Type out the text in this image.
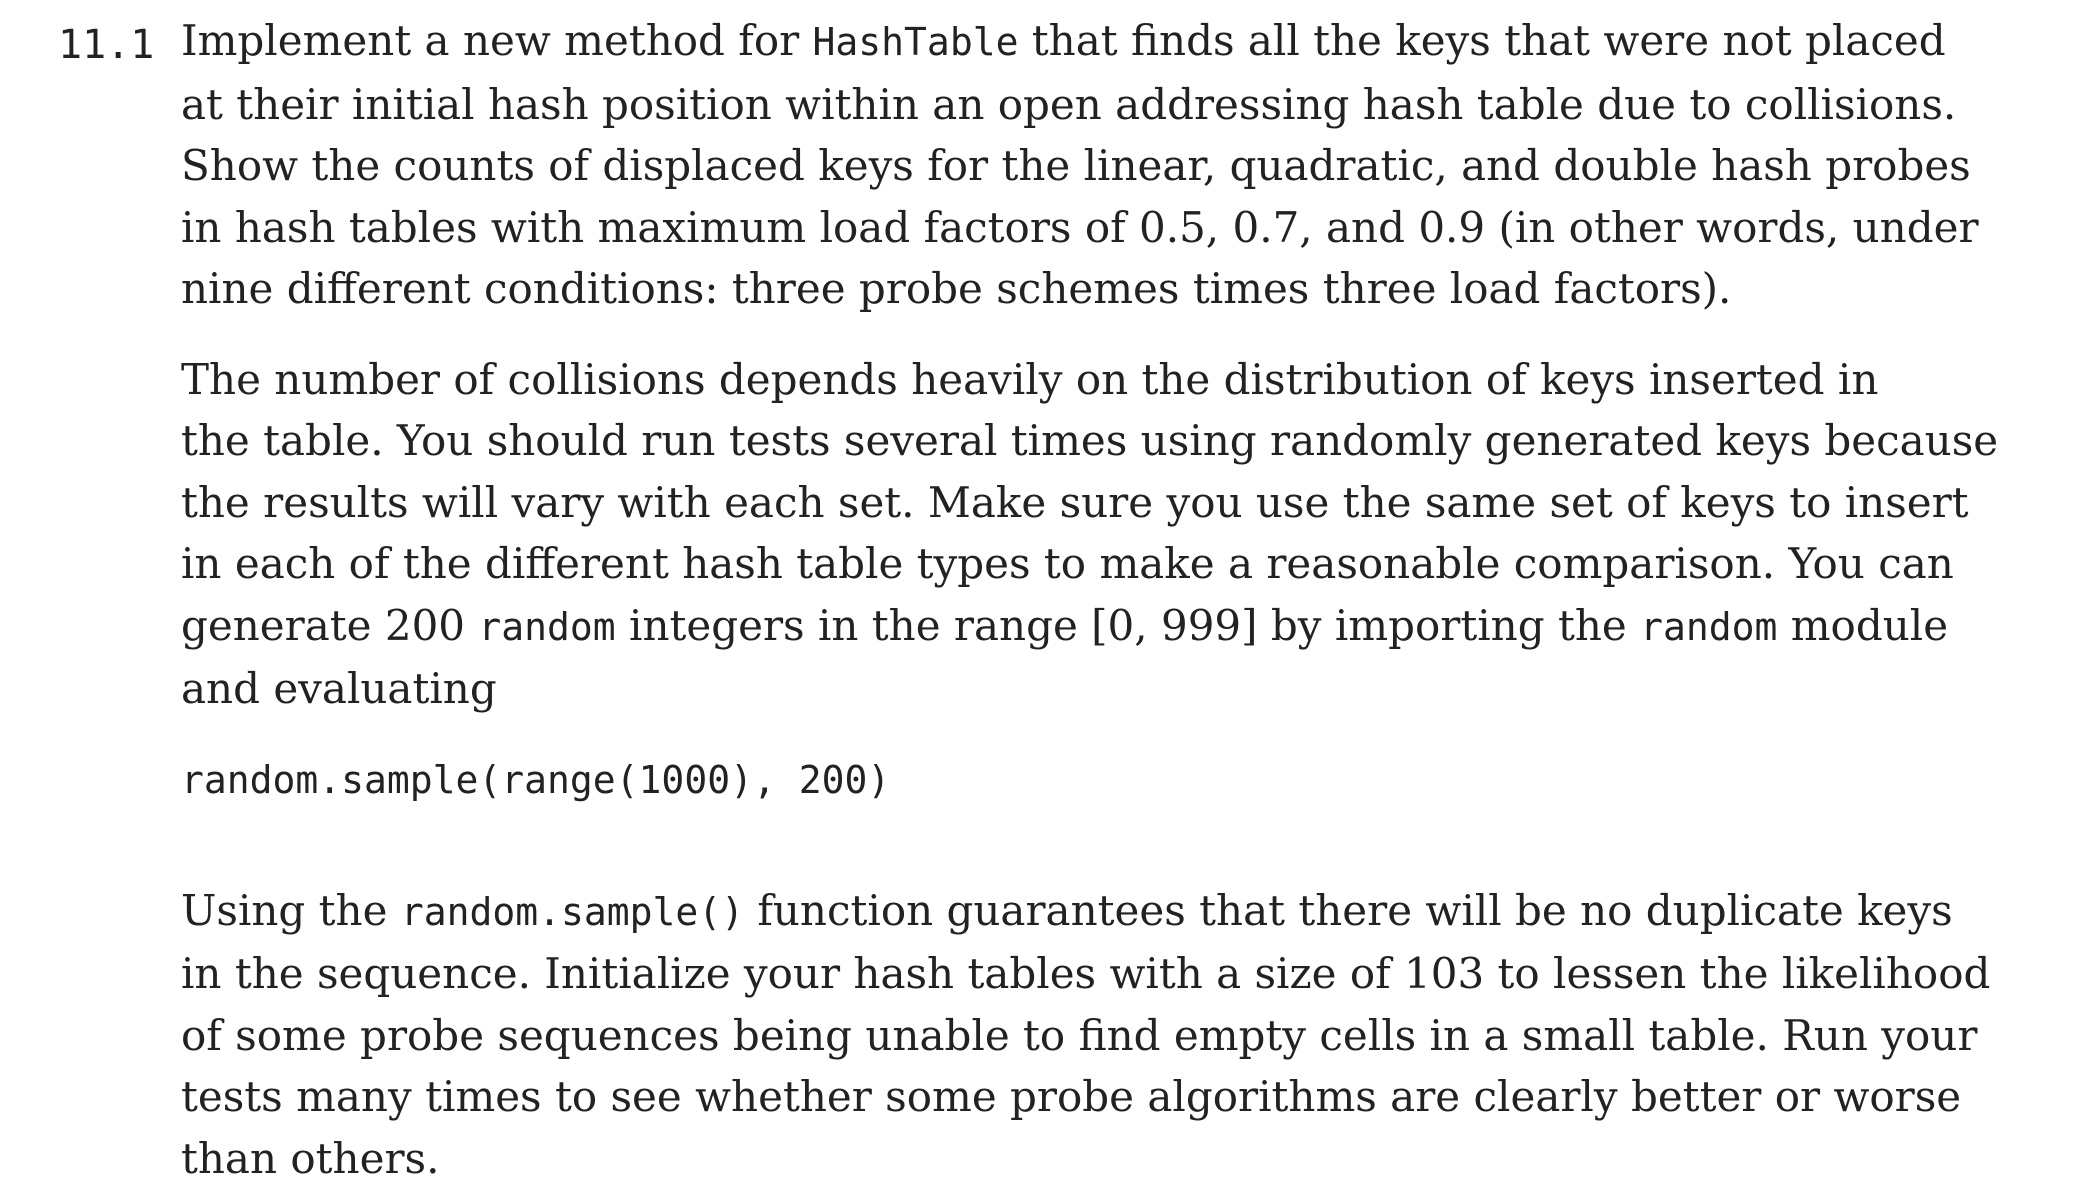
11.1 Implement a new method for HashTable that finds all the keys that were not placed
at their initial hash position within an open addressing hash table due to collisions.
Show the counts of displaced keys for the linear, quadratic, and double hash probes
in hash tables with maximum load factors of 0.5, 0.7, and 0.9 (in other words, under
nine different conditions: three probe schemes times three load factors).

The number of collisions depends heavily on the distribution of keys inserted in
the table. You should run tests several times using randomly generated keys because
the results will vary with each set. Make sure you use the same set of keys to insert
in each of the different hash table types to make a reasonable comparison. You can
generate 200 random integers in the range [0, 999] by importing the random module
and evaluating

random.sample(range(1000), 200)

Using the random.sample() function guarantees that there will be no duplicate keys
in the sequence. Initialize your hash tables with a size of 103 to lessen the likelihood
of some probe sequences being unable to find empty cells in a small table. Run your
tests many times to see whether some probe algorithms are clearly better or worse
than others.
